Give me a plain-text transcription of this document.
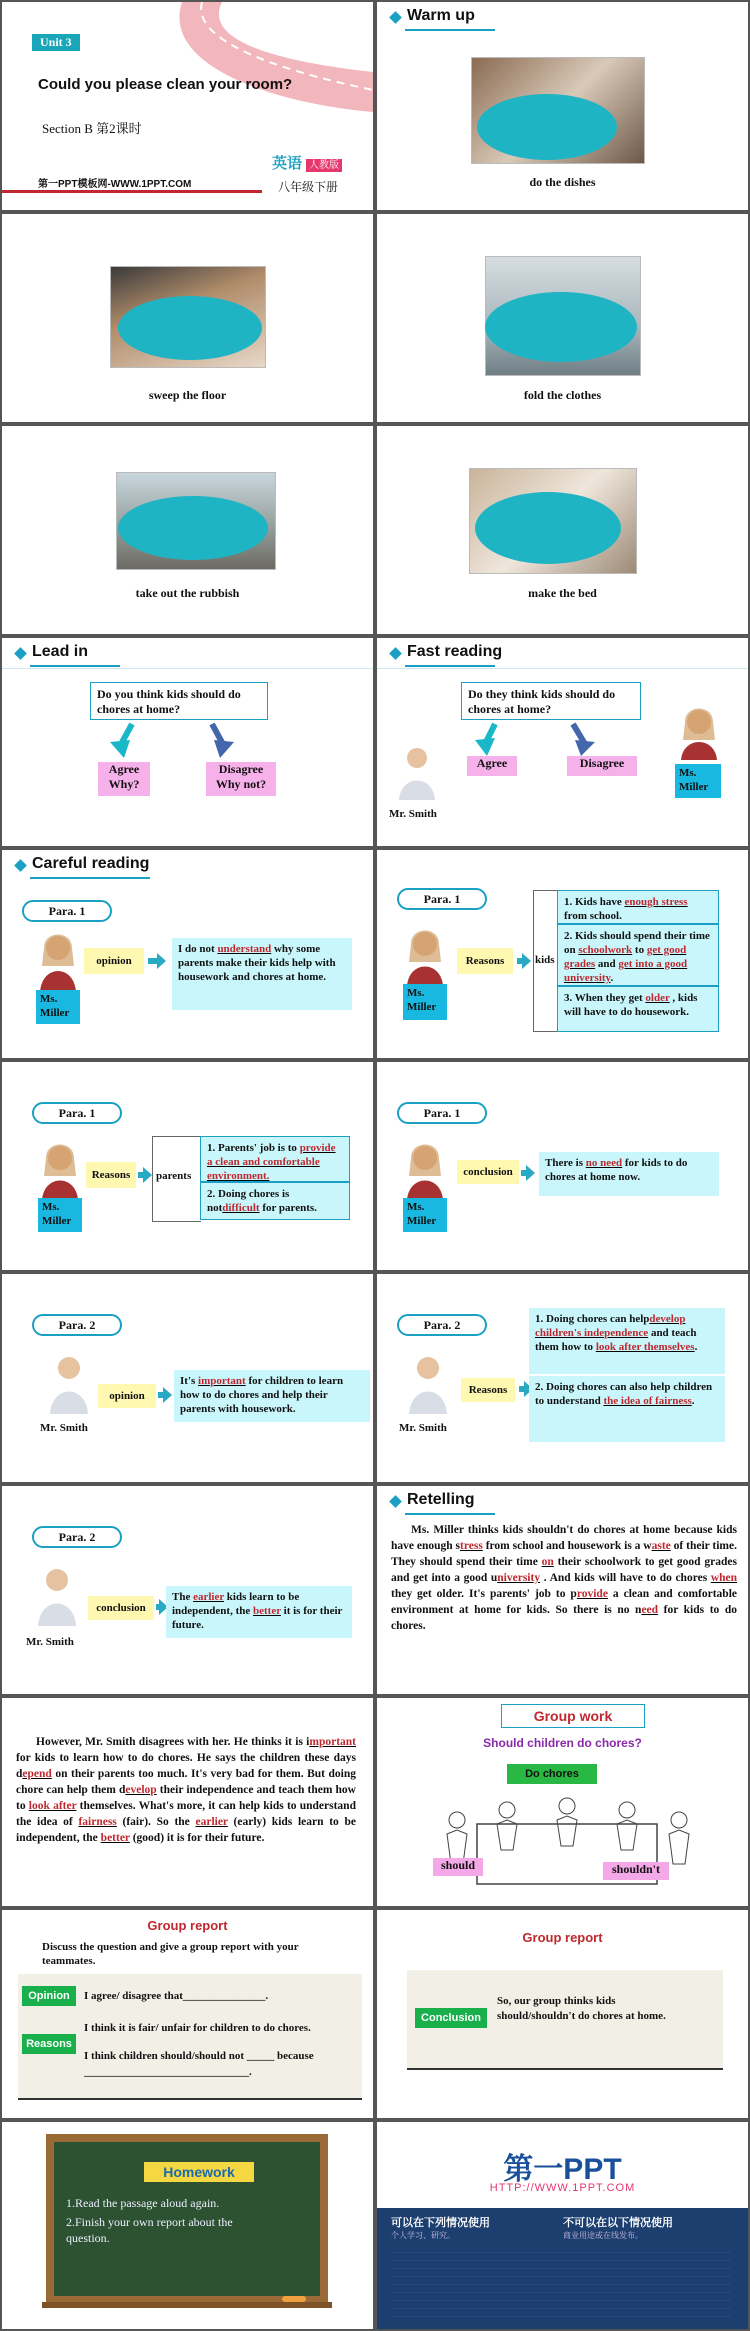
Unit 3
Could you please clean your room?
Section B 第2课时
英语 人教版
八年级下册
第一PPT模板网-WWW.1PPT.COM
Warm up
do the dishes
sweep the floor	fold the clothes
take out the rubbish	make the bed
Lead in
Do you think kids should do chores at home?
Agree Why?
Disagree Why not?
Fast reading
Do they think kids should do chores at home?
Agree	Disagree
Mr. Smith
Ms. Miller
Careful reading
Para. 1
Ms. Miller
opinion
I do not understand why some parents make their kids help with housework and chores at home.
Para. 1
Ms. Miller
Reasons	kids
1. Kids have enough stress from school.
2. Kids should spend their time on schoolwork to get good grades and get into a good university.
3. When they get older , kids will have to do housework.
Para. 1
Ms. Miller
Reasons	parents
1. Parents' job is to provide a clean and comfortable environment.
2. Doing chores is notdifficult for parents.
Para. 1
Ms. Miller
conclusion
There is no need for kids to do chores at home now.
Para. 2
Mr. Smith
opinion
It's important for children to learn how to do chores and help their parents with housework.
Para. 2
Mr. Smith
Reasons
1. Doing chores can helpdevelop children's independence and teach them how to look after themselves.
2. Doing chores can also help children to understand the idea of fairness.
Para. 2
Mr. Smith
conclusion
The earlier kids learn to be independent, the better it is for their future.
Retelling
Ms. Miller thinks kids shouldn't do chores at home because kids have enough stress from school and housework is a waste of their time. They should spend their time on their schoolwork to get good grades and get into a good university . And kids will have to do chores when they get older. It's parents' job to provide a clean and comfortable environment at home for kids. So there is no need for kids to do chores.
However, Mr. Smith disagrees with her. He thinks it is important for kids to learn how to do chores. He says the children these days depend on their parents too much. It's very bad for them. But doing chore can help them develop their independence and teach them how to look after themselves. What's more, it can help kids to understand the idea of fairness (fair). So the earlier (early) kids learn to be independent, the better (good) it is for their future.
Group work
Should children do chores?
Do chores
should	shouldn't
Group report
Discuss the question and give a group report with your teammates.
Opinion	I agree/ disagree that_______________.
Reasons
I think it is fair/ unfair for children to do chores.
I think children should/should not _____ because ______________________________.
Group report
Conclusion
So, our group thinks kids should/shouldn't do chores at home.
Homework
1.Read the passage aloud again.
2.Finish your own report about the question.
第一PPT
HTTP://WWW.1PPT.COM
可以在下列情况使用
个人学习、研究。
不可以在以下情况使用
商业用途或在线发布。
